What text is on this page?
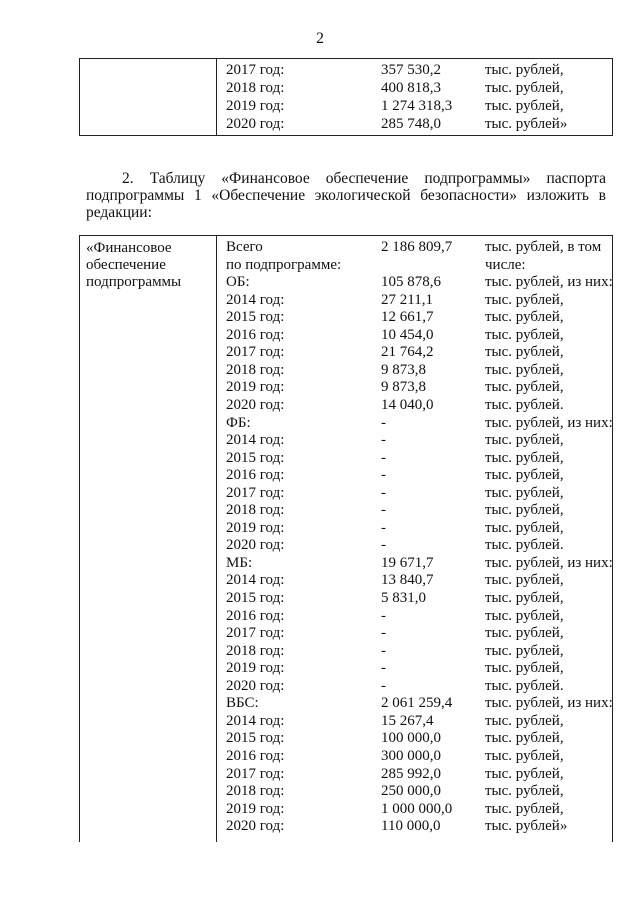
2
2017 год:	357 530,2	тыс. рублей,
2018 год:	400 818,3	тыс. рублей,
2019 год:	1 274 318,3 тыс. рублей,
2020 год:	285 748,0	тыс. рублей»
2. Таблицу «Финансовое обеспечение подпрограммы» паспорта
подпрограммы 1 «Обеспечение экологической безопасности» изложить в
редакции:
«Финансовое обеспечение подпрограммы
Всего	2 186 809,7 тыс. рублей, в том
по подпрограмме:	числе:
ОБ:	105 878,6	тыс. рублей, из них:
2014 год:	27 211,1	тыс. рублей,
2015 год:	12 661,7	тыс. рублей,
2016 год:	10 454,0	тыс. рублей,
2017 год:	21 764,2	тыс. рублей,
2018 год:	9 873,8	тыс. рублей,
2019 год:	9 873,8	тыс. рублей,
2020 год:	14 040,0	тыс. рублей.
ФБ:	-	тыс. рублей, из них:
2014 год:	-	тыс. рублей,
2015 год:	-	тыс. рублей,
2016 год:	-	тыс. рублей,
2017 год:	-	тыс. рублей,
2018 год:	-	тыс. рублей,
2019 год:	-	тыс. рублей,
2020 год:	-	тыс. рублей.
МБ:	19 671,7	тыс. рублей, из них:
2014 год:	13 840,7	тыс. рублей,
2015 год:	5 831,0	тыс. рублей,
2016 год:	-	тыс. рублей,
2017 год:	-	тыс. рублей,
2018 год:	-	тыс. рублей,
2019 год:	-	тыс. рублей,
2020 год:	-	тыс. рублей.
ВБС:	2 061 259,4 тыс. рублей, из них:
2014 год:	15 267,4	тыс. рублей,
2015 год:	100 000,0	тыс. рублей,
2016 год:	300 000,0	тыс. рублей,
2017 год:	285 992,0	тыс. рублей,
2018 год:	250 000,0	тыс. рублей,
2019 год:	1 000 000,0 тыс. рублей,
2020 год:	110 000,0	тыс. рублей»
